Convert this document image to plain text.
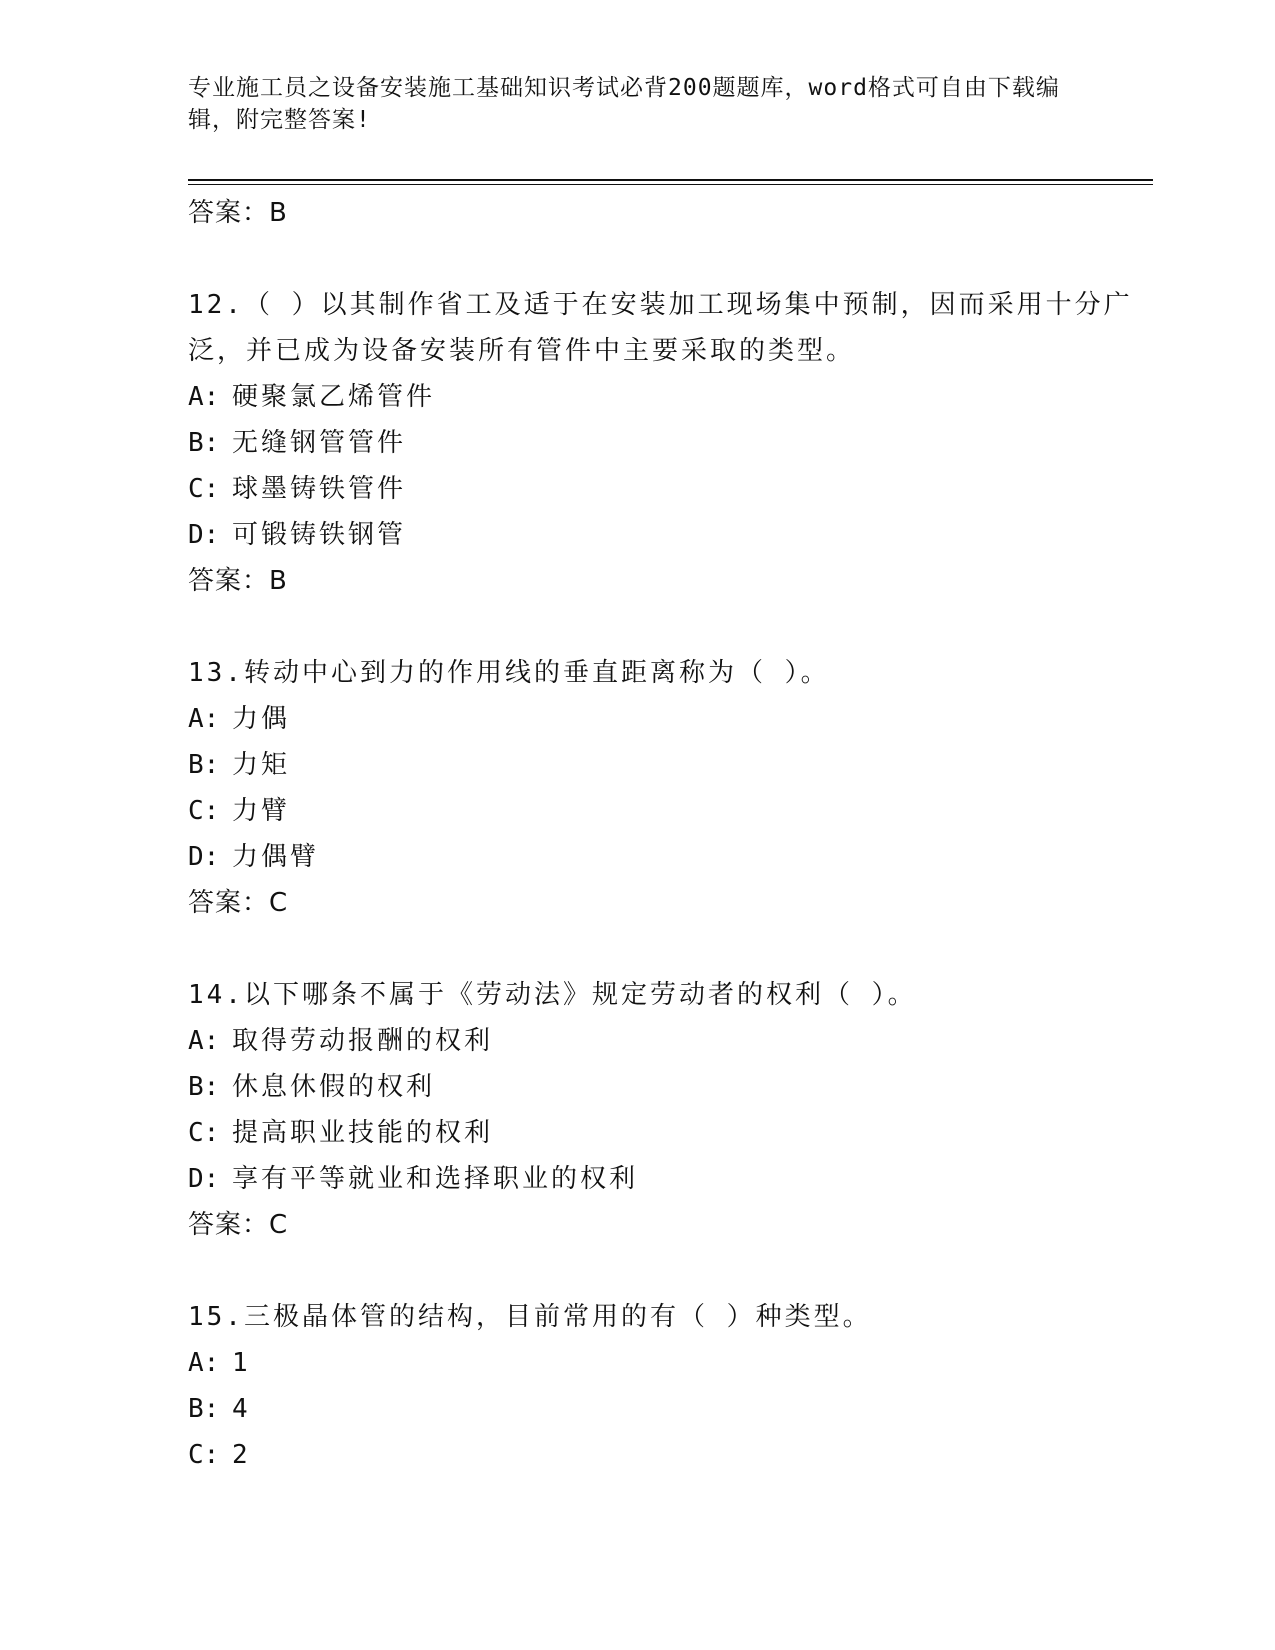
专业施工员之设备安装施工基础知识考试必背200题题库，word格式可自由下载编辑，附完整答案!
答案：B
12.（ ）以其制作省工及适于在安装加工现场集中预制，因而采用十分广泛，并已成为设备安装所有管件中主要采取的类型。
A: 硬聚氯乙烯管件
B: 无缝钢管管件
C: 球墨铸铁管件
D: 可锻铸铁钢管
答案：B
13.转动中心到力的作用线的垂直距离称为（ ）。
A: 力偶
B: 力矩
C: 力臂
D: 力偶臂
答案：C
14.以下哪条不属于《劳动法》规定劳动者的权利（ ）。
A: 取得劳动报酬的权利
B: 休息休假的权利
C: 提高职业技能的权利
D: 享有平等就业和选择职业的权利
答案：C
15.三极晶体管的结构，目前常用的有（ ）种类型。
A: 1
B: 4
C: 2
